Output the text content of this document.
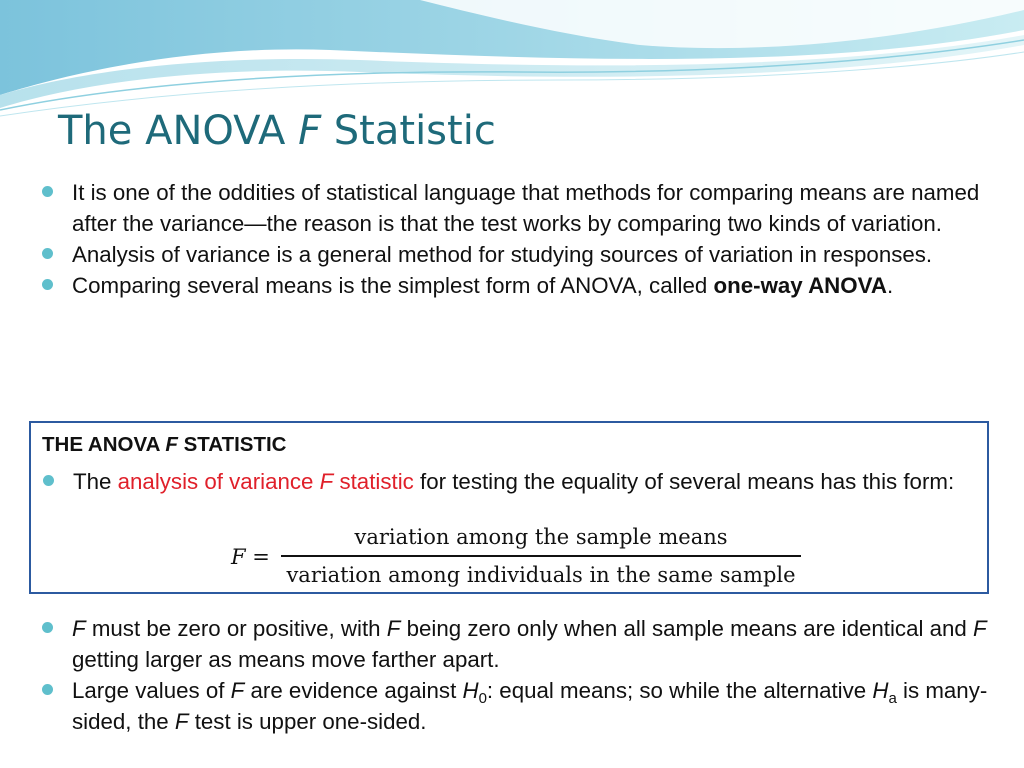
The ANOVA F Statistic
It is one of the oddities of statistical language that methods for comparing means are named after the variance—the reason is that the test works by comparing two kinds of variation.
Analysis of variance is a general method for studying sources of variation in responses.
Comparing several means is the simplest form of ANOVA, called one-way ANOVA.
THE ANOVA F STATISTIC
The analysis of variance F statistic for testing the equality of several means has this form:
F =
variation among the sample means
variation among individuals in the same sample
F must be zero or positive, with F being zero only when all sample means are identical and F getting larger as means move farther apart.
Large values of F are evidence against $H_0$: equal means; so while the alternative $H_a$ is many-sided, the F test is upper one-sided.
